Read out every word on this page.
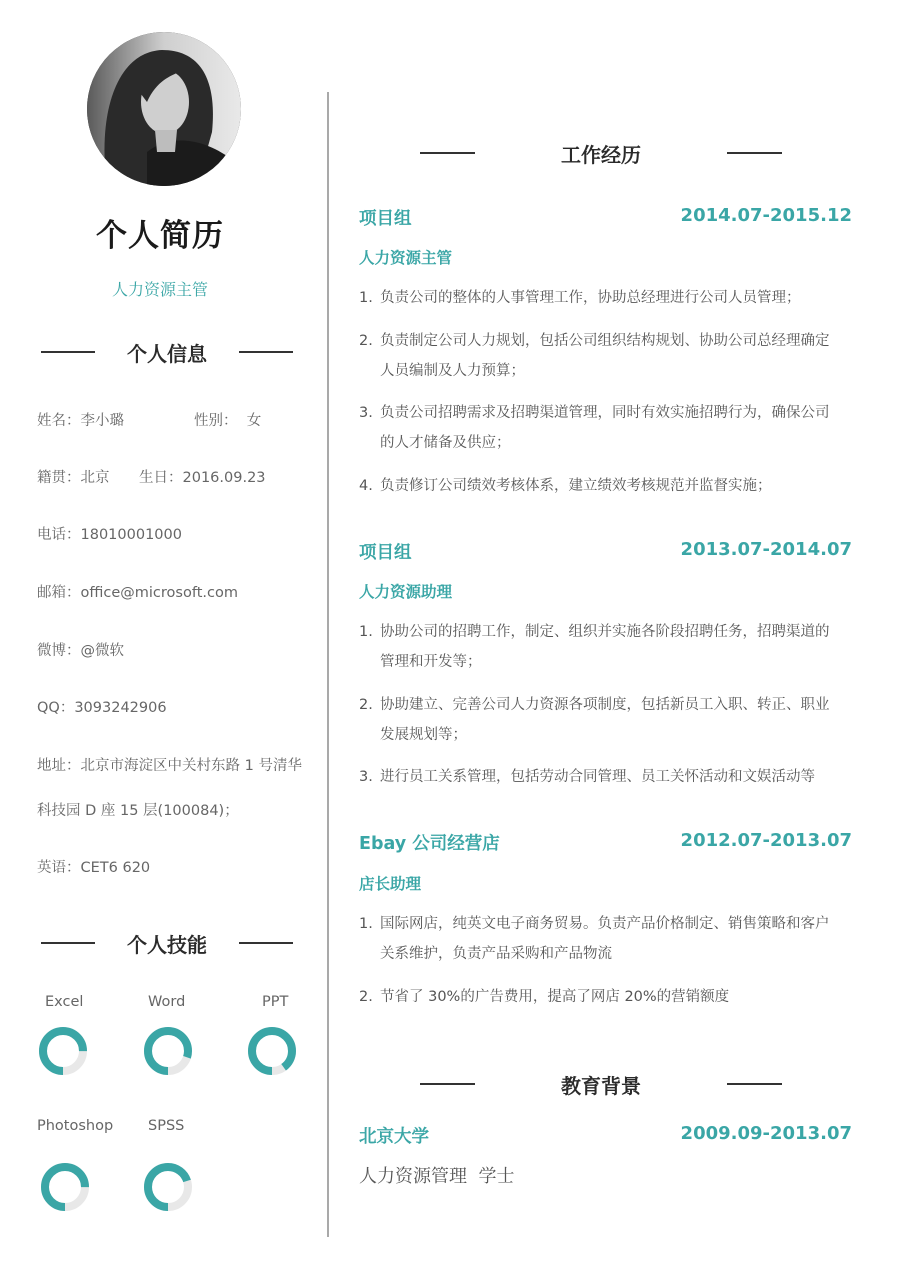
个人简历
人力资源主管
个人信息
姓名：李小璐	性别： 女
籍贯：北京 生日：2016.09.23
电话：18010001000
邮箱：office@microsoft.com
微博：@微软
QQ：3093242906
地址：北京市海淀区中关村东路 1 号清华
科技园 D 座 15 层(100084)；
英语：CET6 620
个人技能
Excel	Word	PPT
Photoshop SPSS
工作经历
项目组	2014.07-2015.12
人力资源主管
1. 负责公司的整体的人事管理工作，协助总经理进行公司人员管理；
2. 负责制定公司人力规划，包括公司组织结构规划、协助公司总经理确定
人员编制及人力预算；
3. 负责公司招聘需求及招聘渠道管理，同时有效实施招聘行为，确保公司
的人才储备及供应；
4. 负责修订公司绩效考核体系，建立绩效考核规范并监督实施；
项目组	2013.07-2014.07
人力资源助理
1. 协助公司的招聘工作，制定、组织并实施各阶段招聘任务，招聘渠道的
管理和开发等；
2. 协助建立、完善公司人力资源各项制度，包括新员工入职、转正、职业
发展规划等；
3. 进行员工关系管理，包括劳动合同管理、员工关怀活动和文娱活动等
Ebay 公司经营店	2012.07-2013.07
店长助理
1. 国际网店，纯英文电子商务贸易。负责产品价格制定、销售策略和客户
关系维护，负责产品采购和产品物流
2. 节省了 30%的广告费用，提高了网店 20%的营销额度
教育背景
北京大学	2009.09-2013.07
人力资源管理  学士
